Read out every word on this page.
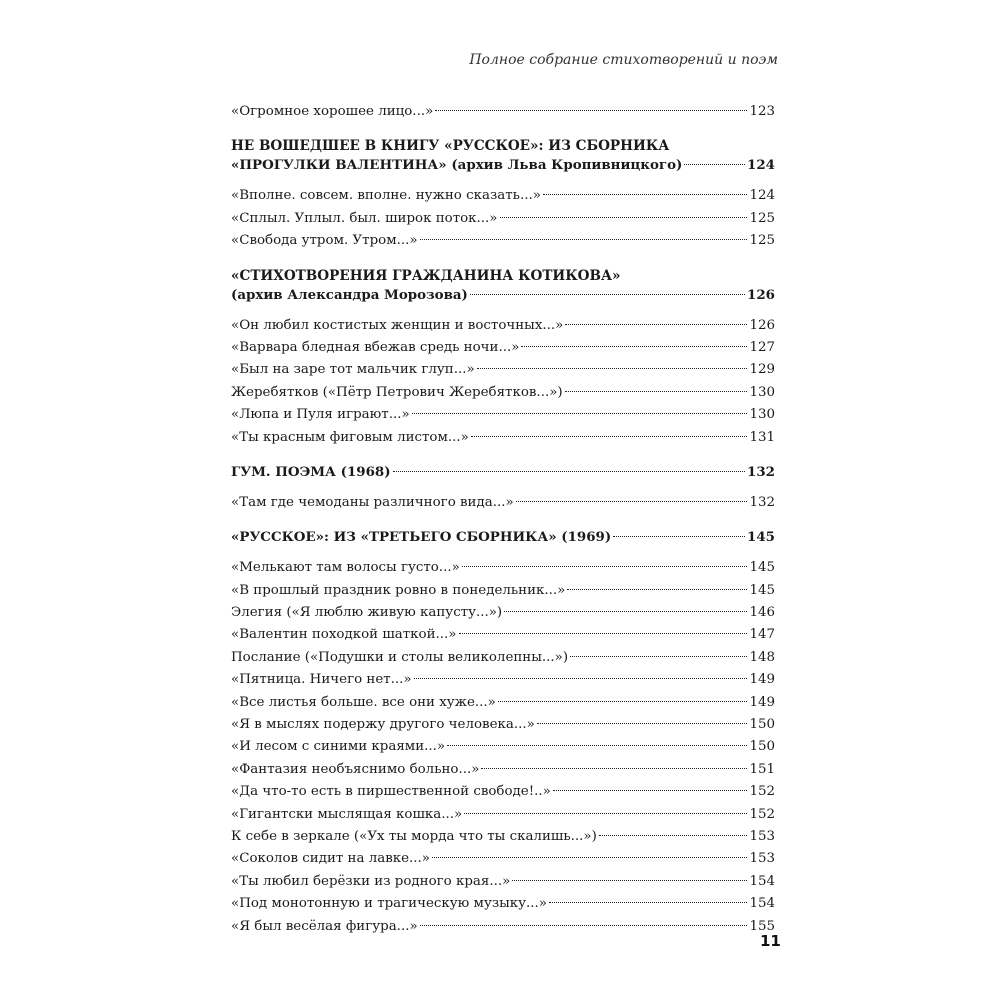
Полное собрание стихотворений и поэм
«Огромное хорошее лицо...»	123
НЕ ВОШЕДШЕЕ В КНИГУ «РУССКОЕ»: ИЗ СБОРНИКА
«ПРОГУЛКИ ВАЛЕНТИНА» (архив Льва Кропивницкого)	124
«Вполне. совсем. вполне. нужно сказать...»	124
«Сплыл. Уплыл. был. широк поток...»	125
«Свобода утром. Утром...»	125
«СТИХОТВОРЕНИЯ ГРАЖДАНИНА КОТИКОВА»
(архив Александра Морозова)	126
«Он любил костистых женщин и восточных...»	126
«Варвара бледная вбежав средь ночи...»	127
«Был на заре тот мальчик глуп...»	129
Жеребятков («Пётр Петрович Жеребятков...»)	130
«Люпа и Пуля играют...»	130
«Ты красным фиговым листом...»	131
ГУМ. ПОЭМА (1968)	132
«Там где чемоданы различного вида...»	132
«РУССКОЕ»: ИЗ «ТРЕТЬЕГО СБОРНИКА» (1969)	145
«Мелькают там волосы густо...»	145
«В прошлый праздник ровно в понедельник...»	145
Элегия («Я люблю живую капусту...»)	146
«Валентин походкой шаткой...»	147
Послание («Подушки и столы великолепны...»)	148
«Пятница. Ничего нет...»	149
«Все листья больше. все они хуже...»	149
«Я в мыслях подержу другого человека...»	150
«И лесом с синими краями...»	150
«Фантазия необъяснимо больно...»	151
«Да что-то есть в пиршественной свободе!..»	152
«Гигантски мыслящая кошка...»	152
К себе в зеркале («Ух ты морда что ты скалишь...»)	153
«Соколов сидит на лавке...»	153
«Ты любил берёзки из родного края...»	154
«Под монотонную и трагическую музыку...»	154
«Я был весёлая фигура...»	155
11
